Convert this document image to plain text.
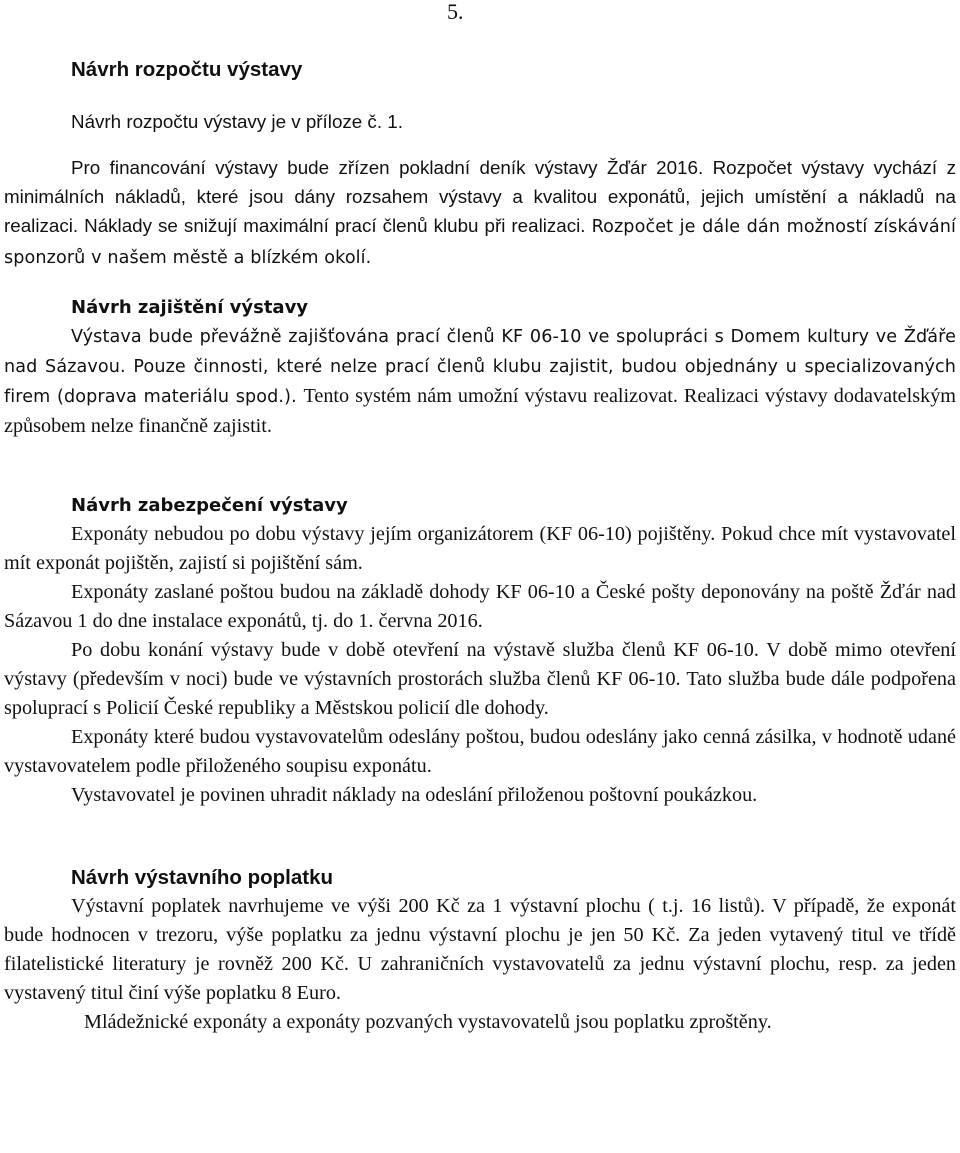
5.
Návrh rozpočtu výstavy

Návrh rozpočtu výstavy je v příloze č. 1.

Pro financování výstavy bude zřízen pokladní deník výstavy Žďár 2016. Rozpočet výstavy vychází z minimálních nákladů, které jsou dány rozsahem výstavy a kvalitou exponátů, jejich umístění a nákladů na realizaci. Náklady se snižují maximální prací členů klubu při realizaci. Rozpočet je dále dán možností získávání sponzorů v našem městě a blízkém okolí.

Návrh zajištění výstavy

Výstava bude převážně zajišťována prací členů KF 06-10 ve spolupráci s Domem kultury ve Žďáře nad Sázavou. Pouze činnosti, které nelze prací členů klubu zajistit, budou objednány u specializovaných firem (doprava materiálu spod.). Tento systém nám umožní výstavu realizovat. Realizaci výstavy dodavatelským způsobem nelze finančně zajistit.

Návrh zabezpečení výstavy

Exponáty nebudou po dobu výstavy jejím organizátorem (KF 06-10) pojištěny. Pokud chce mít vystavovatel mít exponát pojištěn, zajistí si pojištění sám.

Exponáty zaslané poštou budou na základě dohody KF 06-10 a České pošty deponovány na poště Žďár nad Sázavou 1 do dne instalace exponátů, tj. do 1. června 2016.

Po dobu konání výstavy bude v době otevření na výstavě služba členů KF 06-10. V době mimo otevření výstavy (především v noci) bude ve výstavních prostorách služba členů KF 06-10. Tato služba bude dále podpořena spoluprací s Policií České republiky a Městskou policií dle dohody.

Exponáty které budou vystavovatelům odeslány poštou, budou odeslány jako cenná zásilka, v hodnotě udané vystavovatelem podle přiloženého soupisu exponátu.

Vystavovatel je povinen uhradit náklady na odeslání přiloženou poštovní poukázkou.

Návrh výstavního poplatku

Výstavní poplatek navrhujeme ve výši 200 Kč za 1 výstavní plochu ( t.j. 16 listů). V případě, že exponát bude hodnocen v trezoru, výše poplatku za jednu výstavní plochu je jen 50 Kč. Za jeden vytavený titul ve třídě filatelistické literatury je rovněž 200 Kč. U zahraničních vystavovatelů za jednu výstavní plochu, resp. za jeden vystavený titul činí výše poplatku 8 Euro.

Mládežnické exponáty a exponáty pozvaných vystavovatelů jsou poplatku zproštěny.
